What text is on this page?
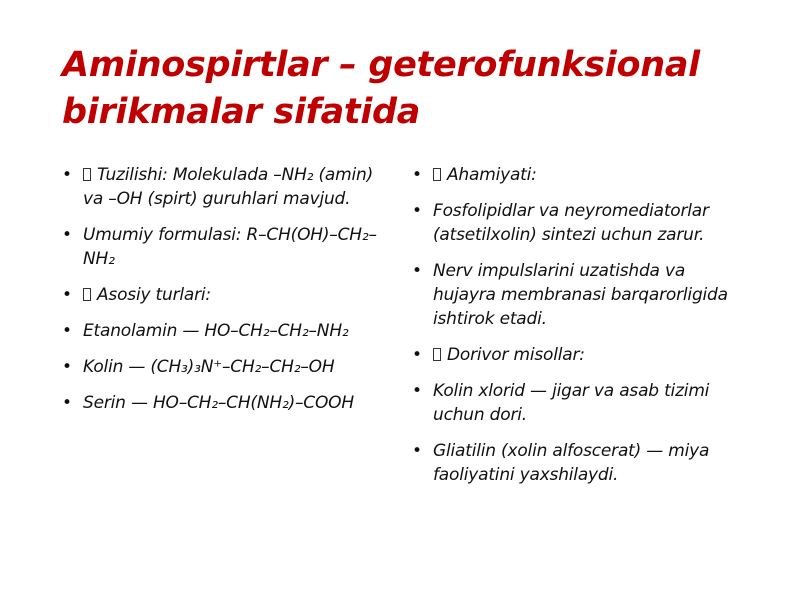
Aminospirtlar – geterofunksional birikmalar sifatida
• Tuzilishi: Molekulada –NH₂ (amin) va –OH (spirt) guruhlari mavjud.
• Umumiy formulasi: R–CH(OH)–CH₂–NH₂
• Asosiy turlari:
• Etanolamin — HO–CH₂–CH₂–NH₂
• Kolin — (CH₃)₃N⁺–CH₂–CH₂–OH
• Serin — HO–CH₂–CH(NH₂)–COOH
• Ahamiyati:
• Fosfolipidlar va neyromediatorlar (atsetilxolin) sintezi uchun zarur.
• Nerv impulslarini uzatishda va hujayra membranasi barqarorligida ishtirok etadi.
• Dorivor misollar:
• Kolin xlorid — jigar va asab tizimi uchun dori.
• Gliatilin (xolin alfoscerat) — miya faoliyatini yaxshilaydi.
